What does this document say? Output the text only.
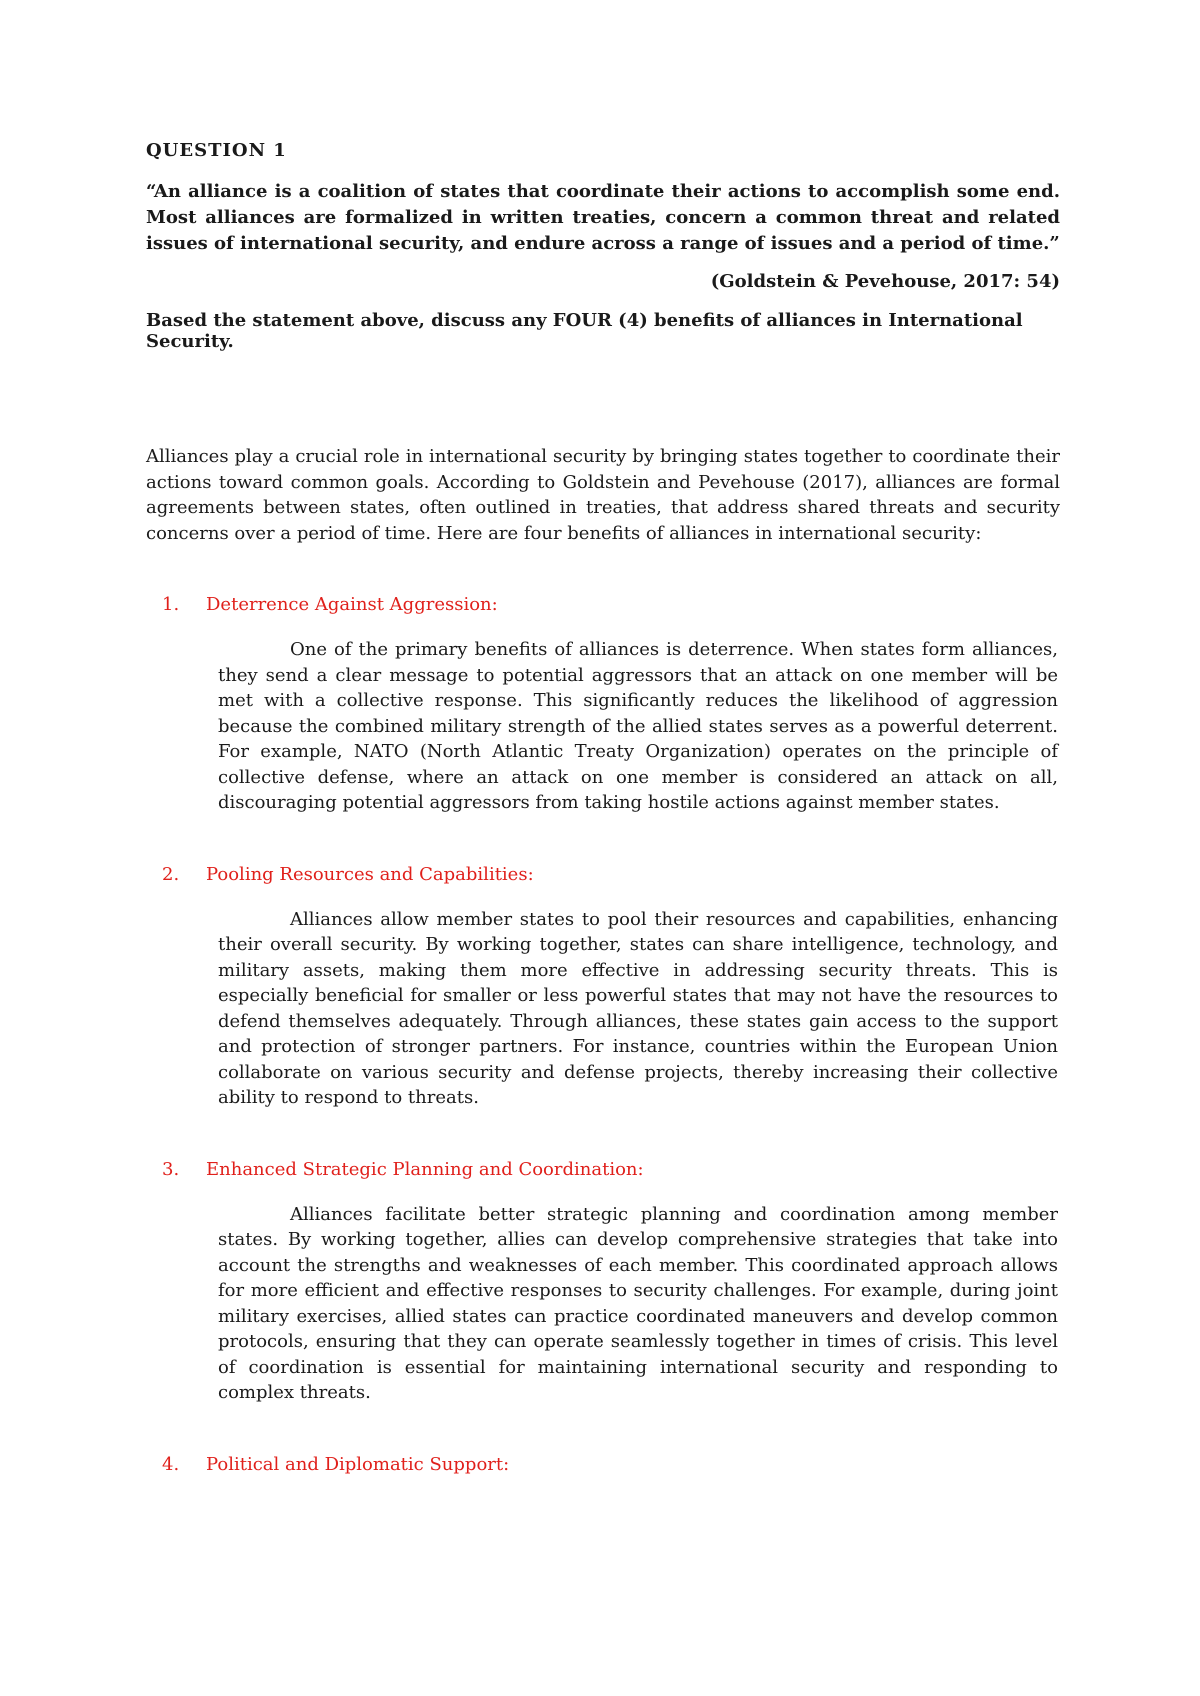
QUESTION 1

“An alliance is a coalition of states that coordinate their actions to accomplish some end. Most alliances are formalized in written treaties, concern a common threat and related issues of international security, and endure across a range of issues and a period of time.”

(Goldstein & Pevehouse, 2017: 54)

Based the statement above, discuss any FOUR (4) benefits of alliances in International Security.

Alliances play a crucial role in international security by bringing states together to coordinate their actions toward common goals. According to Goldstein and Pevehouse (2017), alliances are formal agreements between states, often outlined in treaties, that address shared threats and security concerns over a period of time. Here are four benefits of alliances in international security:

1. Deterrence Against Aggression:
One of the primary benefits of alliances is deterrence. When states form alliances, they send a clear message to potential aggressors that an attack on one member will be met with a collective response. This significantly reduces the likelihood of aggression because the combined military strength of the allied states serves as a powerful deterrent. For example, NATO (North Atlantic Treaty Organization) operates on the principle of collective defense, where an attack on one member is considered an attack on all, discouraging potential aggressors from taking hostile actions against member states.
2. Pooling Resources and Capabilities:
Alliances allow member states to pool their resources and capabilities, enhancing their overall security. By working together, states can share intelligence, technology, and military assets, making them more effective in addressing security threats. This is especially beneficial for smaller or less powerful states that may not have the resources to defend themselves adequately. Through alliances, these states gain access to the support and protection of stronger partners. For instance, countries within the European Union collaborate on various security and defense projects, thereby increasing their collective ability to respond to threats.
3. Enhanced Strategic Planning and Coordination:
Alliances facilitate better strategic planning and coordination among member states. By working together, allies can develop comprehensive strategies that take into account the strengths and weaknesses of each member. This coordinated approach allows for more efficient and effective responses to security challenges. For example, during joint military exercises, allied states can practice coordinated maneuvers and develop common protocols, ensuring that they can operate seamlessly together in times of crisis. This level of coordination is essential for maintaining international security and responding to complex threats.
4. Political and Diplomatic Support:
